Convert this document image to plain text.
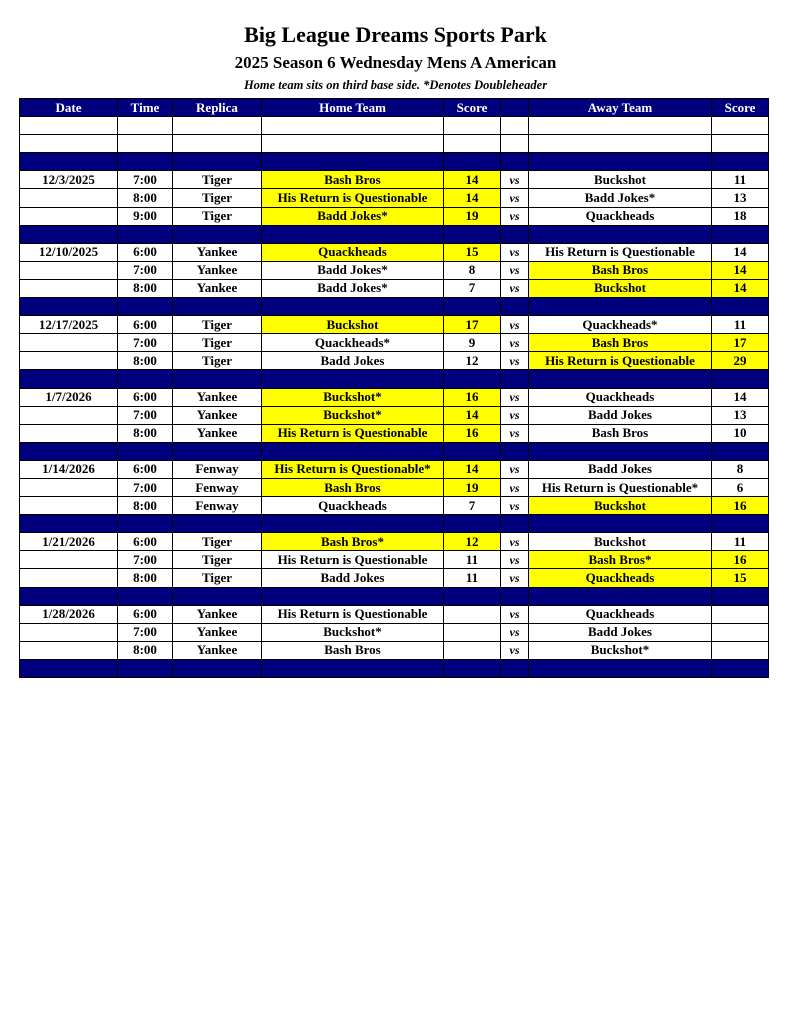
Big League Dreams Sports Park
2025 Season 6 Wednesday Mens A American
Home team sits on third base side. *Denotes Doubleheader
Date	Time	Replica	Home Team	Score		Away Team	Score

12/3/2025	7:00	Tiger	Bash Bros	14	vs	Buckshot	11
	8:00	Tiger	His Return is Questionable	14	vs	Badd Jokes*	13
	9:00	Tiger	Badd Jokes*	19	vs	Quackheads	18

12/10/2025	6:00	Yankee	Quackheads	15	vs	His Return is Questionable	14
	7:00	Yankee	Badd Jokes*	8	vs	Bash Bros	14
	8:00	Yankee	Badd Jokes*	7	vs	Buckshot	14

12/17/2025	6:00	Tiger	Buckshot	17	vs	Quackheads*	11
	7:00	Tiger	Quackheads*	9	vs	Bash Bros	17
	8:00	Tiger	Badd Jokes	12	vs	His Return is Questionable	29

1/7/2026	6:00	Yankee	Buckshot*	16	vs	Quackheads	14
	7:00	Yankee	Buckshot*	14	vs	Badd Jokes	13
	8:00	Yankee	His Return is Questionable	16	vs	Bash Bros	10

1/14/2026	6:00	Fenway	His Return is Questionable*	14	vs	Badd Jokes	8
	7:00	Fenway	Bash Bros	19	vs	His Return is Questionable*	6
	8:00	Fenway	Quackheads	7	vs	Buckshot	16

1/21/2026	6:00	Tiger	Bash Bros*	12	vs	Buckshot	11
	7:00	Tiger	His Return is Questionable	11	vs	Bash Bros*	16
	8:00	Tiger	Badd Jokes	11	vs	Quackheads	15

1/28/2026	6:00	Yankee	His Return is Questionable		vs	Quackheads	
	7:00	Yankee	Buckshot*		vs	Badd Jokes	
	8:00	Yankee	Bash Bros		vs	Buckshot*	
